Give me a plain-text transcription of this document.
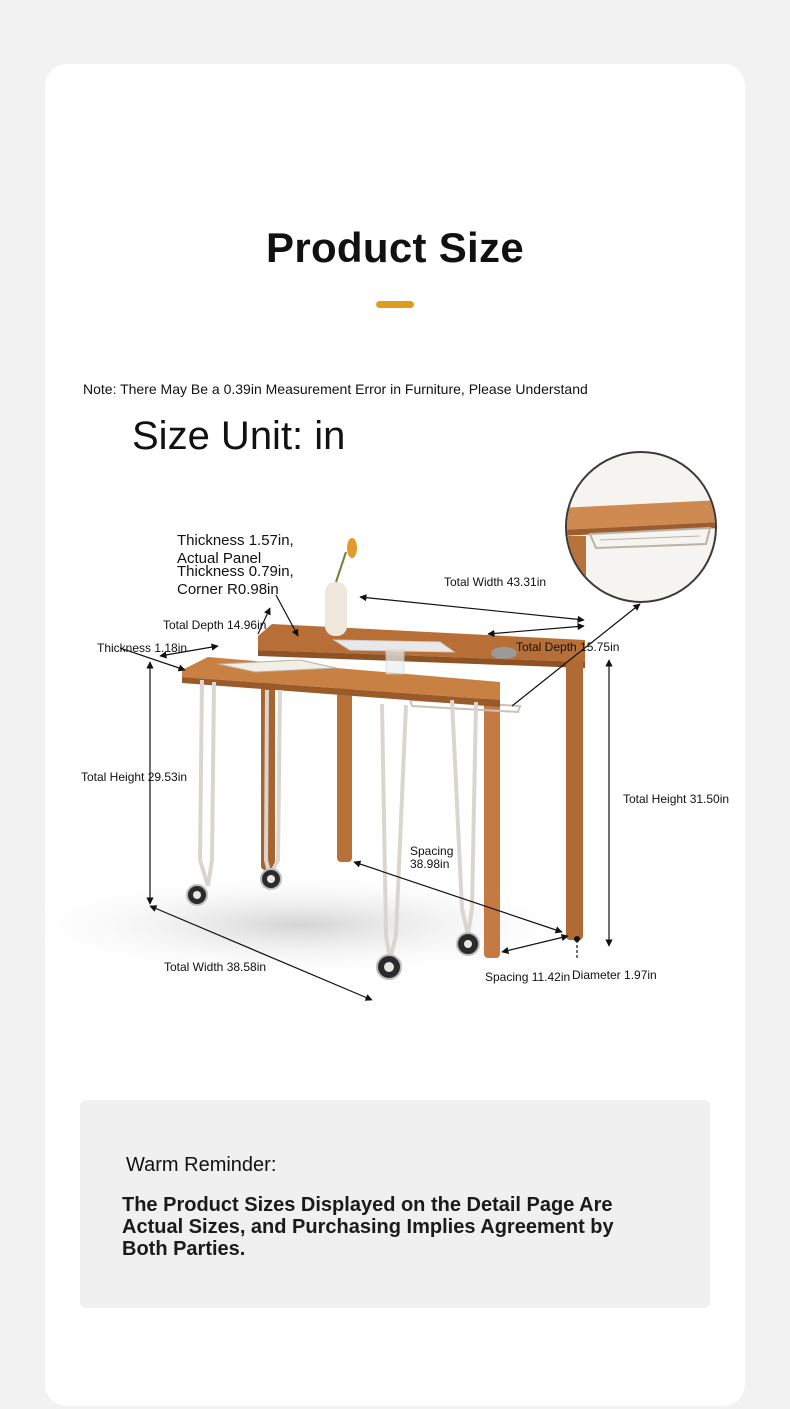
Product Size
Note: There May Be a 0.39in Measurement Error in Furniture, Please Understand
Size Unit: in
Thickness 1.57in,
Actual Panel
Thickness 0.79in,
Corner R0.98in	Total Width 43.31in
Total Depth 14.96in
Total Depth 15.75in
Thickness 1.18in
Total Height 29.53in
Total Height 31.50in
Spacing
38.98in
Total Width 38.58in
Spacing 11.42in Diameter 1.97in
Warm Reminder:
The Product Sizes Displayed on the Detail Page Are Actual Sizes, and Purchasing Implies Agreement by Both Parties.
